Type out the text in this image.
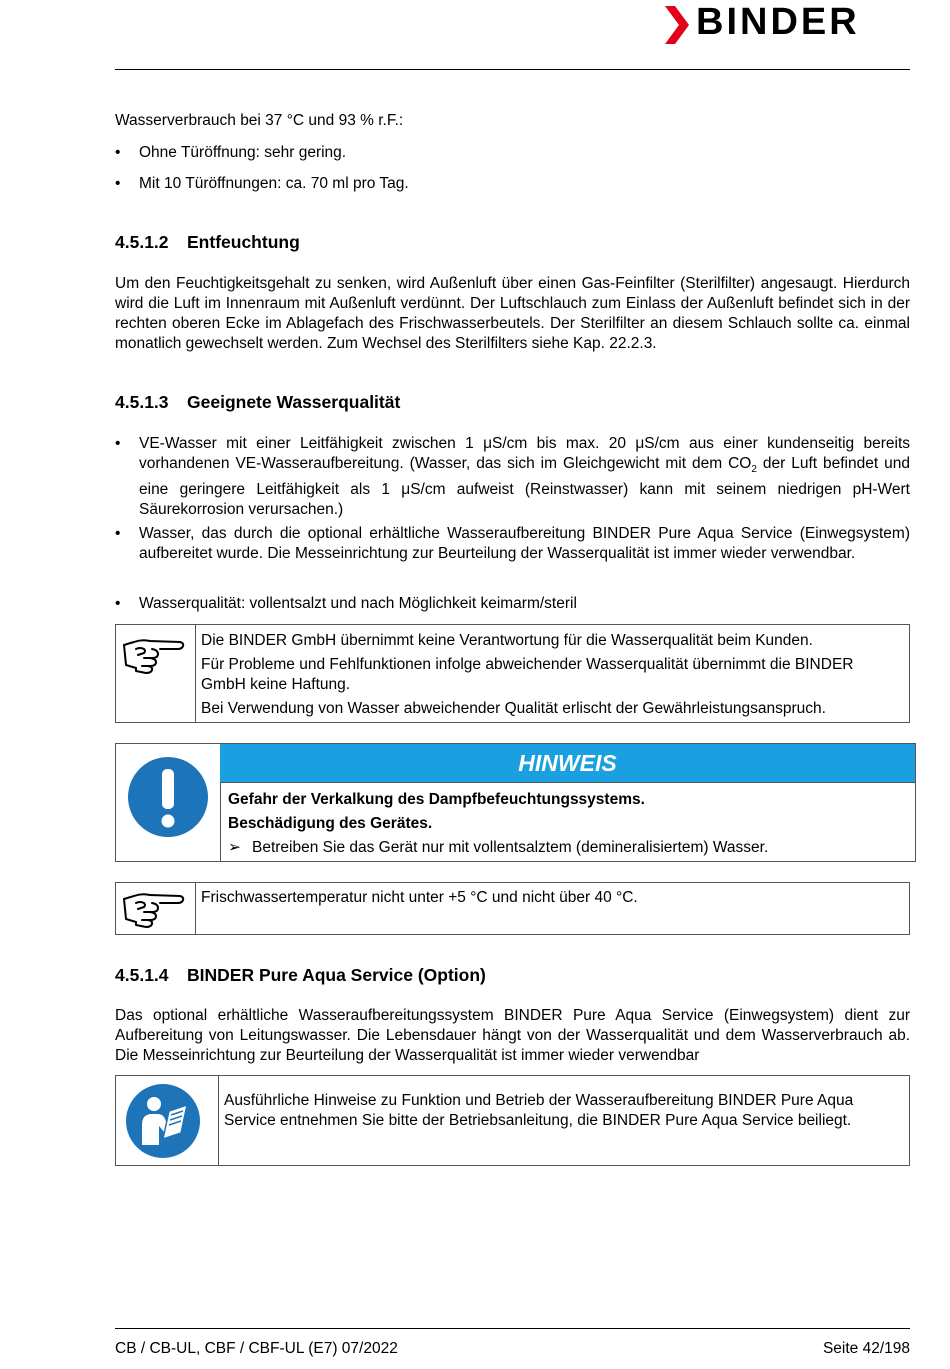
BINDER
Wasserverbrauch bei 37 °C und 93 % r.F.:
•	Ohne Türöffnung: sehr gering.
•	Mit 10 Türöffnungen: ca. 70 ml pro Tag.
4.5.1.2 Entfeuchtung
Um den Feuchtigkeitsgehalt zu senken, wird Außenluft über einen Gas-Feinfilter (Sterilfilter) angesaugt. Hierdurch wird die Luft im Innenraum mit Außenluft verdünnt. Der Luftschlauch zum Einlass der Außenluft befindet sich in der rechten oberen Ecke im Ablagefach des Frischwasserbeutels. Der Sterilfilter an diesem Schlauch sollte ca. einmal monatlich gewechselt werden. Zum Wechsel des Sterilfilters siehe Kap. 22.2.3.
4.5.1.3 Geeignete Wasserqualität
•	VE-Wasser mit einer Leitfähigkeit zwischen 1 μS/cm bis max. 20 μS/cm aus einer kundenseitig bereits vorhandenen VE-Wasseraufbereitung. (Wasser, das sich im Gleichgewicht mit dem $CO_2$ der Luft befindet und eine geringere Leitfähigkeit als 1 μS/cm aufweist (Reinstwasser) kann mit seinem niedrigen pH-Wert Säurekorrosion verursachen.)
•	Wasser, das durch die optional erhältliche Wasseraufbereitung BINDER Pure Aqua Service (Einwegsystem) aufbereitet wurde. Die Messeinrichtung zur Beurteilung der Wasserqualität ist immer wieder verwendbar.
•	Wasserqualität: vollentsalzt und nach Möglichkeit keimarm/steril

Die BINDER GmbH übernimmt keine Verantwortung für die Wasserqualität beim Kunden.

Für Probleme und Fehlfunktionen infolge abweichender Wasserqualität übernimmt die BINDER GmbH keine Haftung.

Bei Verwendung von Wasser abweichender Qualität erlischt der Gewährleistungsanspruch.

HINWEIS

Gefahr der Verkalkung des Dampfbefeuchtungssystems.

Beschädigung des Gerätes.

➢ Betreiben Sie das Gerät nur mit vollentsalztem (demineralisiertem) Wasser.

Frischwassertemperatur nicht unter +5 °C und nicht über 40 °C.

4.5.1.4 BINDER Pure Aqua Service (Option)
Das optional erhältliche Wasseraufbereitungssystem BINDER Pure Aqua Service (Einwegsystem) dient zur Aufbereitung von Leitungswasser. Die Lebensdauer hängt von der Wasserqualität und dem Wasserverbrauch ab. Die Messeinrichtung zur Beurteilung der Wasserqualität ist immer wieder verwendbar

Ausführliche Hinweise zu Funktion und Betrieb der Wasseraufbereitung BINDER Pure Aqua Service entnehmen Sie bitte der Betriebsanleitung, die BINDER Pure Aqua Service beiliegt.

CB / CB-UL, CBF / CBF-UL (E7) 07/2022	Seite 42/198
